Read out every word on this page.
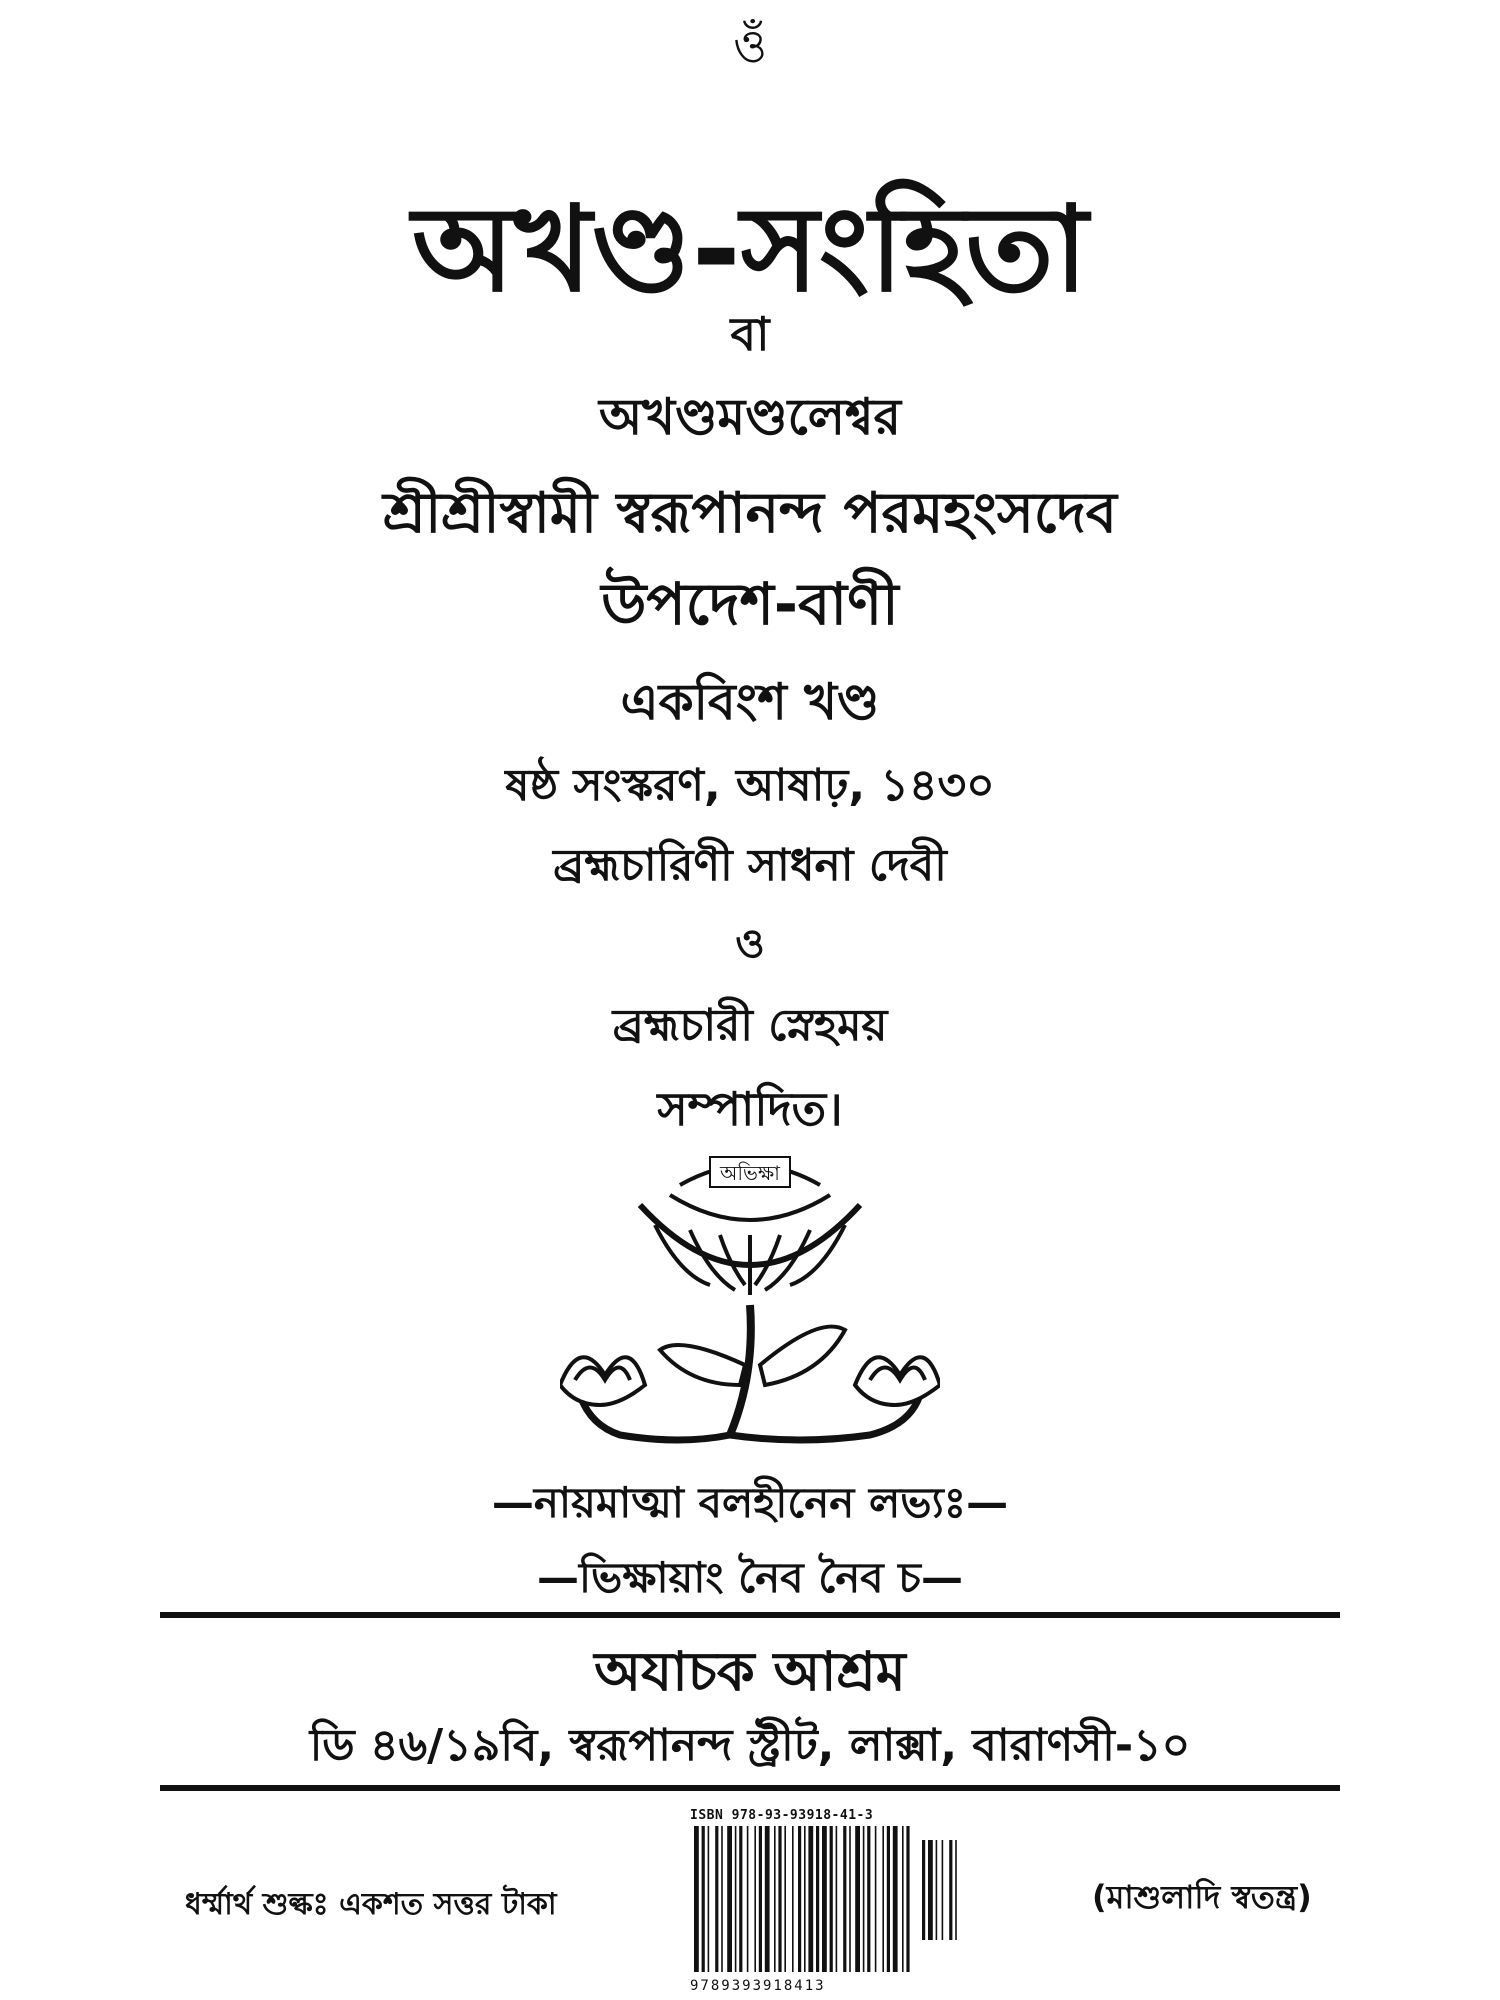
ওঁ
অখণ্ড-সংহিতা
বা
অখণ্ডমণ্ডলেশ্বর
শ্রীশ্রীস্বামী স্বরূপানন্দ পরমহংসদেব
উপদেশ-বাণী
একবিংশ খণ্ড
ষষ্ঠ সংস্করণ, আষাঢ়, ১৪৩০
ব্রহ্মচারিণী সাধনা দেবী
ও
ব্রহ্মচারী স্নেহময়
সম্পাদিত।
অভিক্ষা
—নায়মাত্মা বলহীনেন লভ্যঃ—
—ভিক্ষায়াং নৈব নৈব চ—
অযাচক আশ্রম
ডি ৪৬/১৯বি, স্বরূপানন্দ স্ট্রীট, লাক্সা, বারাণসী-১০
ধর্ম্মার্থ শুল্কঃ একশত সত্তর টাকা
ISBN 978-93-93918-41-3
9789393918413
(মাশুলাদি স্বতন্ত্র)
